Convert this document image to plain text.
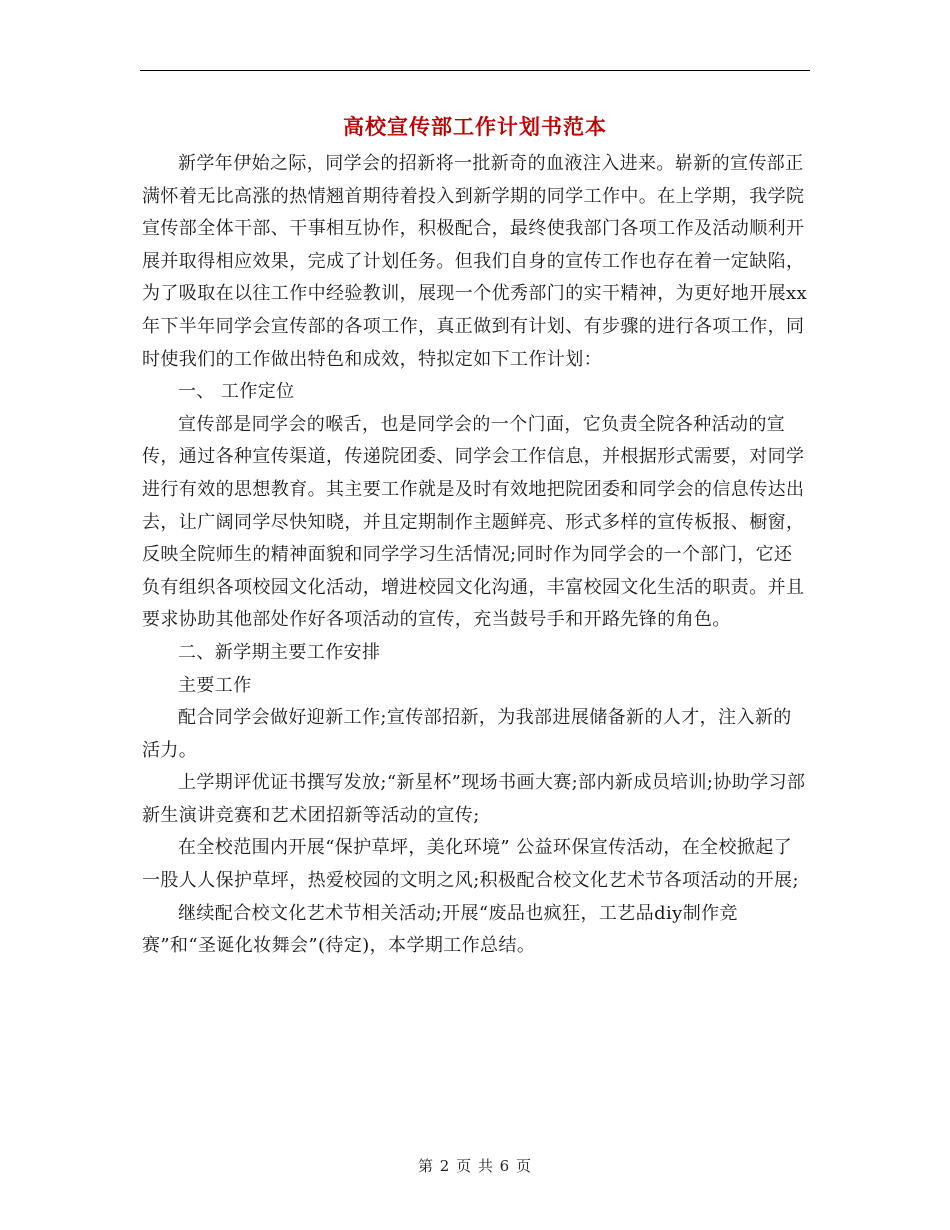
高校宣传部工作计划书范本

新学年伊始之际，同学会的招新将一批新奇的血液注入进来。崭新的宣传部正满怀着无比高涨的热情翘首期待着投入到新学期的同学工作中。在上学期，我学院宣传部全体干部、干事相互协作，积极配合，最终使我部门各项工作及活动顺利开展并取得相应效果，完成了计划任务。但我们自身的宣传工作也存在着一定缺陷，为了吸取在以往工作中经验教训，展现一个优秀部门的实干精神，为更好地开展xx年下半年同学会宣传部的各项工作，真正做到有计划、有步骤的进行各项工作，同时使我们的工作做出特色和成效，特拟定如下工作计划：

一、 工作定位

宣传部是同学会的喉舌，也是同学会的一个门面，它负责全院各种活动的宣传，通过各种宣传渠道，传递院团委、同学会工作信息，并根据形式需要，对同学进行有效的思想教育。其主要工作就是及时有效地把院团委和同学会的信息传达出去，让广阔同学尽快知晓，并且定期制作主题鲜亮、形式多样的宣传板报、橱窗，反映全院师生的精神面貌和同学学习生活情况;同时作为同学会的一个部门，它还负有组织各项校园文化活动，增进校园文化沟通，丰富校园文化生活的职责。并且要求协助其他部处作好各项活动的宣传，充当鼓号手和开路先锋的角色。

二、新学期主要工作安排

主要工作

配合同学会做好迎新工作;宣传部招新，为我部进展储备新的人才，注入新的活力。

上学期评优证书撰写发放;“新星杯”现场书画大赛;部内新成员培训;协助学习部新生演讲竞赛和艺术团招新等活动的宣传;

在全校范围内开展“保护草坪，美化环境” 公益环保宣传活动，在全校掀起了一股人人保护草坪，热爱校园的文明之风;积极配合校文化艺术节各项活动的开展;

继续配合校文化艺术节相关活动;开展“废品也疯狂，工艺品diy制作竞赛”和“圣诞化妆舞会”(待定)，本学期工作总结。

第 2 页 共 6 页
